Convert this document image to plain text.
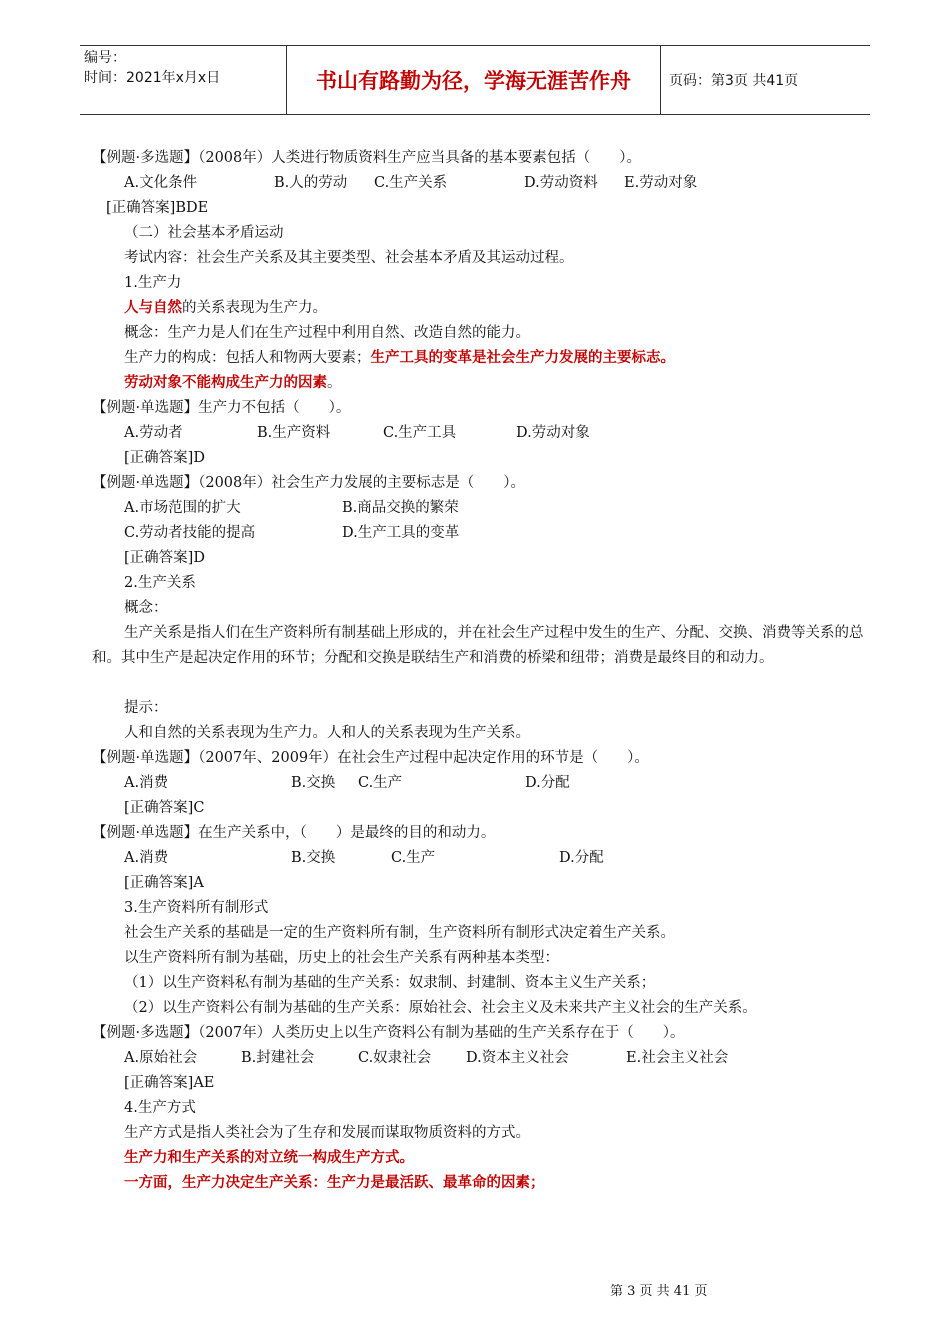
编号：
时间：2021年x月x日	书山有路勤为径，学海无涯苦作舟	页码：第3页 共41页
【例题·多选题】（2008年）人类进行物质资料生产应当具备的基本要素包括（　　）。
A.文化条件	B.人的劳动 C.生产关系	D.劳动资料 E.劳动对象
[正确答案]BDE
（二）社会基本矛盾运动
考试内容：社会生产关系及其主要类型、社会基本矛盾及其运动过程。
1.生产力
人与自然的关系表现为生产力。
概念：生产力是人们在生产过程中利用自然、改造自然的能力。
生产力的构成：包括人和物两大要素；生产工具的变革是社会生产力发展的主要标志。
劳动对象不能构成生产力的因素。
【例题·单选题】生产力不包括（　　）。
A.劳动者	B.生产资料	C.生产工具	D.劳动对象
[正确答案]D
【例题·单选题】（2008年）社会生产力发展的主要标志是（　　）。
A.市场范围的扩大	B.商品交换的繁荣
C.劳动者技能的提高	D.生产工具的变革
[正确答案]D
2.生产关系
概念：
生产关系是指人们在生产资料所有制基础上形成的，并在社会生产过程中发生的生产、分配、交换、消费等关系的总和。其中生产是起决定作用的环节；分配和交换是联结生产和消费的桥梁和纽带；消费是最终目的和动力。
提示：
人和自然的关系表现为生产力。人和人的关系表现为生产关系。
【例题·单选题】（2007年、2009年）在社会生产过程中起决定作用的环节是（　　）。
A.消费	B.交换 C.生产	D.分配
[正确答案]C
【例题·单选题】在生产关系中，（　　）是最终的目的和动力。
A.消费	B.交换	C.生产	D.分配
[正确答案]A
3.生产资料所有制形式
社会生产关系的基础是一定的生产资料所有制，生产资料所有制形式决定着生产关系。
以生产资料所有制为基础，历史上的社会生产关系有两种基本类型：
（1）以生产资料私有制为基础的生产关系：奴隶制、封建制、资本主义生产关系；
（2）以生产资料公有制为基础的生产关系：原始社会、社会主义及未来共产主义社会的生产关系。
【例题·多选题】（2007年）人类历史上以生产资料公有制为基础的生产关系存在于（　　）。
A.原始社会	B.封建社会	C.奴隶社会 D.资本主义社会	E.社会主义社会
[正确答案]AE
4.生产方式
生产方式是指人类社会为了生存和发展而谋取物质资料的方式。
生产力和生产关系的对立统一构成生产方式。
一方面，生产力决定生产关系：生产力是最活跃、最革命的因素；
第 3 页 共 41 页
